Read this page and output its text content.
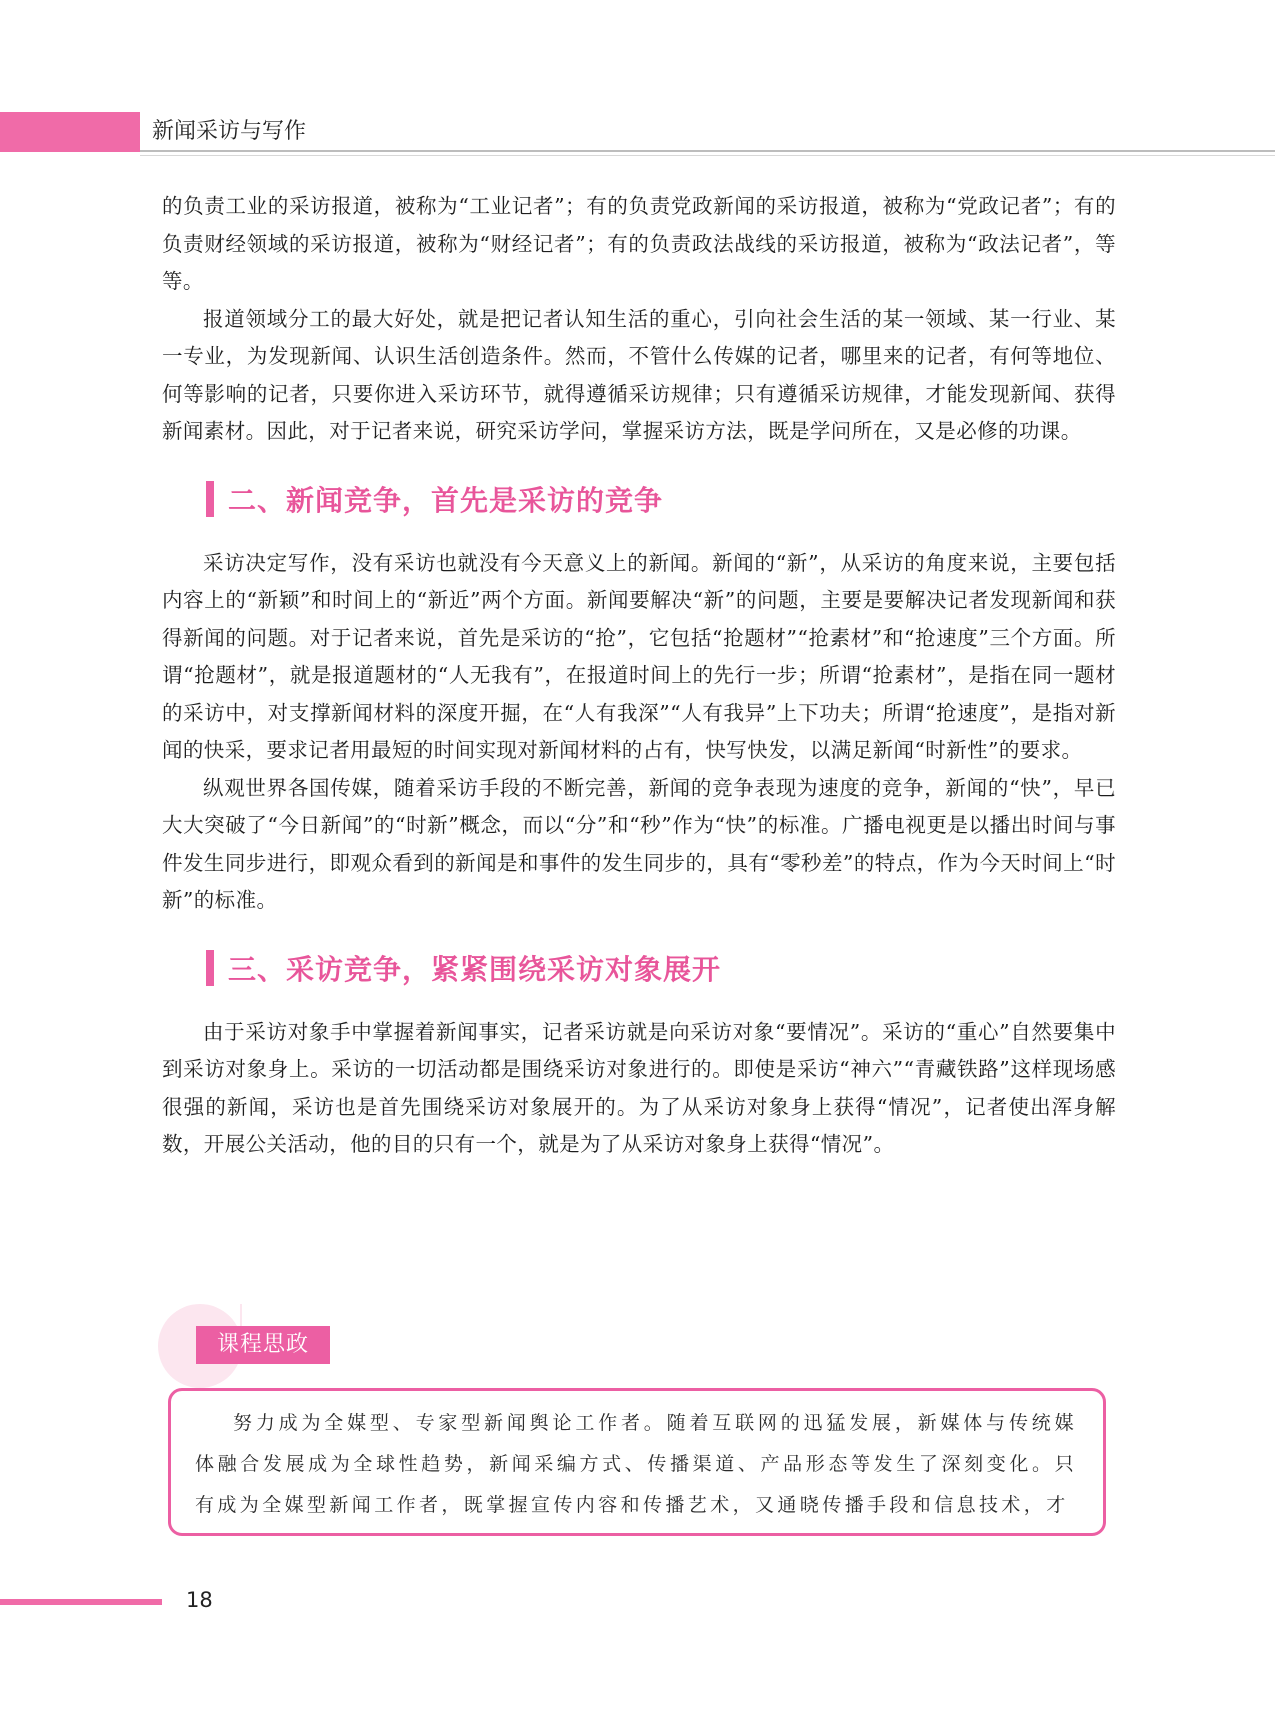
新闻采访与写作

的负责工业的采访报道，被称为“工业记者”；有的负责党政新闻的采访报道，被称为“党政记者”；有的负责财经领域的采访报道，被称为“财经记者”；有的负责政法战线的采访报道，被称为“政法记者”，等等。

报道领域分工的最大好处，就是把记者认知生活的重心，引向社会生活的某一领域、某一行业、某一专业，为发现新闻、认识生活创造条件。然而，不管什么传媒的记者，哪里来的记者，有何等地位、何等影响的记者，只要你进入采访环节，就得遵循采访规律；只有遵循采访规律，才能发现新闻、获得新闻素材。因此，对于记者来说，研究采访学问，掌握采访方法，既是学问所在，又是必修的功课。

二、新闻竞争，首先是采访的竞争

采访决定写作，没有采访也就没有今天意义上的新闻。新闻的“新”，从采访的角度来说，主要包括内容上的“新颖”和时间上的“新近”两个方面。新闻要解决“新”的问题，主要是要解决记者发现新闻和获得新闻的问题。对于记者来说，首先是采访的“抢”，它包括“抢题材”“抢素材”和“抢速度”三个方面。所谓“抢题材”，就是报道题材的“人无我有”，在报道时间上的先行一步；所谓“抢素材”，是指在同一题材的采访中，对支撑新闻材料的深度开掘，在“人有我深”“人有我异”上下功夫；所谓“抢速度”，是指对新闻的快采，要求记者用最短的时间实现对新闻材料的占有，快写快发，以满足新闻“时新性”的要求。

纵观世界各国传媒，随着采访手段的不断完善，新闻的竞争表现为速度的竞争，新闻的“快”，早已大大突破了“今日新闻”的“时新”概念，而以“分”和“秒”作为“快”的标准。广播电视更是以播出时间与事件发生同步进行，即观众看到的新闻是和事件的发生同步的，具有“零秒差”的特点，作为今天时间上“时新”的标准。

三、采访竞争，紧紧围绕采访对象展开

由于采访对象手中掌握着新闻事实，记者采访就是向采访对象“要情况”。采访的“重心”自然要集中到采访对象身上。采访的一切活动都是围绕采访对象进行的。即使是采访“神六”“青藏铁路”这样现场感很强的新闻，采访也是首先围绕采访对象展开的。为了从采访对象身上获得“情况”，记者使出浑身解数，开展公关活动，他的目的只有一个，就是为了从采访对象身上获得“情况”。

课程思政

努力成为全媒型、专家型新闻舆论工作者。随着互联网的迅猛发展，新媒体与传统媒体融合发展成为全球性趋势，新闻采编方式、传播渠道、产品形态等发生了深刻变化。只有成为全媒型新闻工作者，既掌握宣传内容和传播艺术，又通晓传播手段和信息技术，才

18
